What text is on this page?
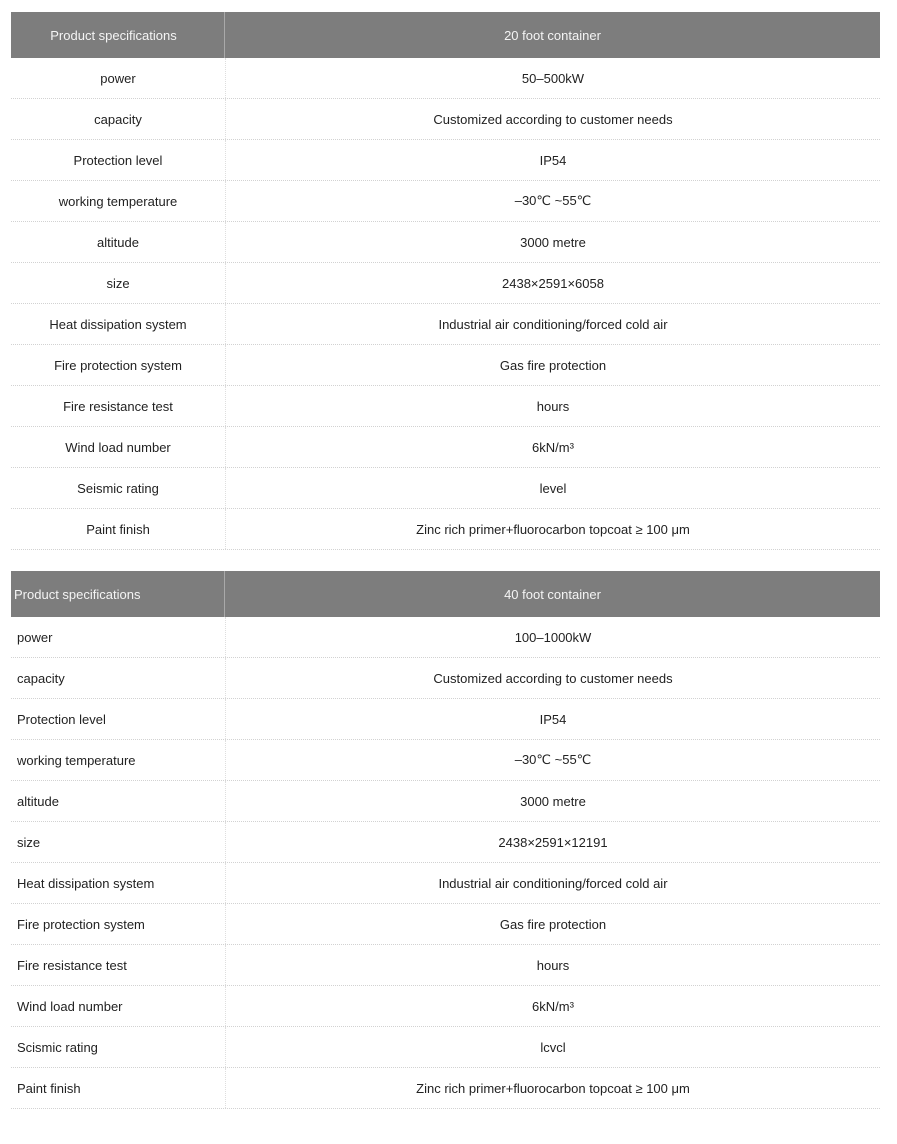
Product specifications	20 foot container
power	50–500kW
capacity	Customized according to customer needs
Protection level	IP54
working temperature	–30℃ ~55℃
altitude	3000 metre
size	2438×2591×6058
Heat dissipation system	Industrial air conditioning/forced cold air
Fire protection system	Gas fire protection
Fire resistance test	hours
Wind load number	6kN/m³
Seismic rating	level
Paint finish	Zinc rich primer+fluorocarbon topcoat ≥ 100 μm
Product specifications	40 foot container
power	100–1000kW
capacity	Customized according to customer needs
Protection level	IP54
working temperature	–30℃ ~55℃
altitude	3000 metre
size	2438×2591×12191
Heat dissipation system	Industrial air conditioning/forced cold air
Fire protection system	Gas fire protection
Fire resistance test	hours
Wind load number	6kN/m³
Scismic rating	lcvcl
Paint finish	Zinc rich primer+fluorocarbon topcoat ≥ 100 μm
